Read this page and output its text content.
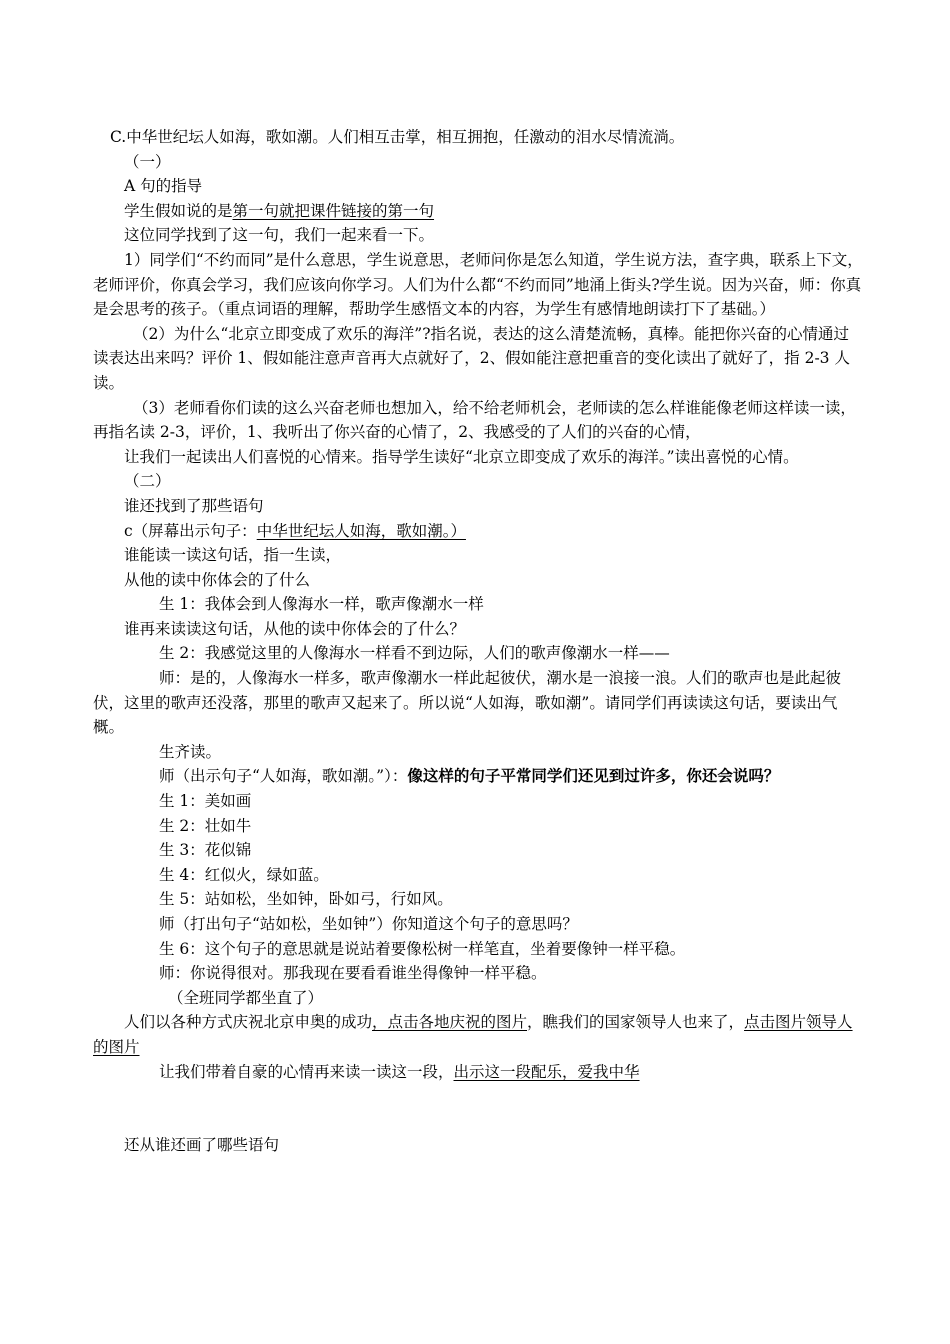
C.中华世纪坛人如海，歌如潮。人们相互击掌，相互拥抱，任激动的泪水尽情流淌。

（一）

A 句的指导

学生假如说的是第一句就把课件链接的第一句

这位同学找到了这一句，我们一起来看一下。

1）同学们“不约而同”是什么意思，学生说意思，老师问你是怎么知道，学生说方法，查字典，联系上下文，老师评价，你真会学习，我们应该向你学习。人们为什么都“不约而同”地涌上街头?学生说。因为兴奋，师：你真是会思考的孩子。（重点词语的理解，帮助学生感悟文本的内容，为学生有感情地朗读打下了基础。）

（2）为什么“北京立即变成了欢乐的海洋”?指名说，表达的这么清楚流畅，真棒。能把你兴奋的心情通过读表达出来吗？评价 1、假如能注意声音再大点就好了，2、假如能注意把重音的变化读出了就好了，指 2-3 人读。

（3）老师看你们读的这么兴奋老师也想加入，给不给老师机会，老师读的怎么样谁能像老师这样读一读，再指名读 2-3，评价，1、我听出了你兴奋的心情了，2、我感受的了人们的兴奋的心情，

让我们一起读出人们喜悦的心情来。指导学生读好“北京立即变成了欢乐的海洋。”读出喜悦的心情。

（二）

谁还找到了那些语句

c（屏幕出示句子：中华世纪坛人如海，歌如潮。）

谁能读一读这句话，指一生读，

从他的读中你体会的了什么

生 1：我体会到人像海水一样，歌声像潮水一样

谁再来读读这句话，从他的读中你体会的了什么？

生 2：我感觉这里的人像海水一样看不到边际，人们的歌声像潮水一样——

师：是的，人像海水一样多，歌声像潮水一样此起彼伏，潮水是一浪接一浪。人们的歌声也是此起彼伏，这里的歌声还没落，那里的歌声又起来了。所以说“人如海，歌如潮”。请同学们再读读这句话，要读出气概。

生齐读。

师（出示句子“人如海，歌如潮。”）：像这样的句子平常同学们还见到过许多，你还会说吗？

生 1：美如画

生 2：壮如牛

生 3：花似锦

生 4：红似火，绿如蓝。

生 5：站如松，坐如钟，卧如弓，行如风。

师（打出句子“站如松，坐如钟”）你知道这个句子的意思吗？

生 6：这个句子的意思就是说站着要像松树一样笔直，坐着要像钟一样平稳。

师：你说得很对。那我现在要看看谁坐得像钟一样平稳。

（全班同学都坐直了）

人们以各种方式庆祝北京申奥的成功，点击各地庆祝的图片，瞧我们的国家领导人也来了，点击图片领导人的图片

让我们带着自豪的心情再来读一读这一段，出示这一段配乐，爱我中华

还从谁还画了哪些语句
